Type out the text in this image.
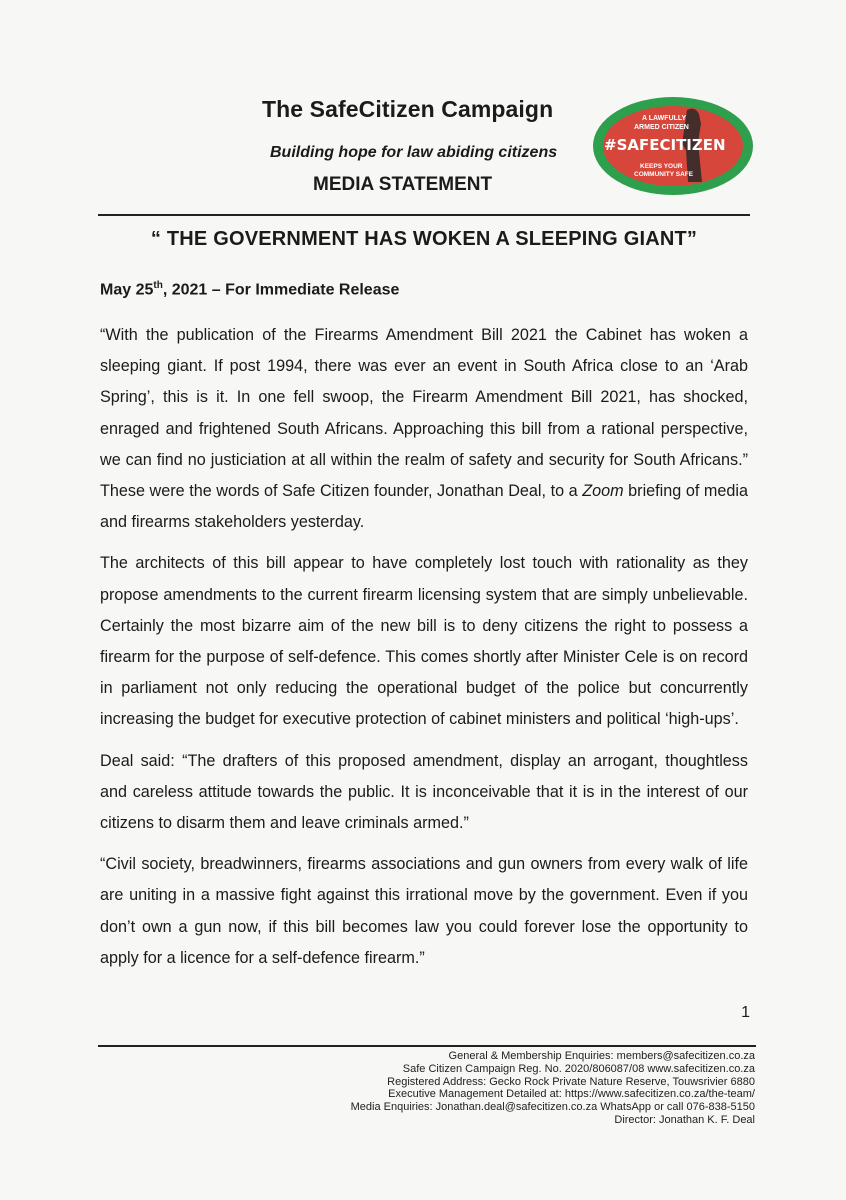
The SafeCitizen Campaign
Building hope for law abiding citizens
MEDIA STATEMENT
A LAWFULLY
ARMED CITIZEN
#SAFECITIZEN
KEEPS YOUR
COMMUNITY SAFE
“ THE GOVERNMENT HAS WOKEN A SLEEPING GIANT”
May 25th, 2021 – For Immediate Release

“With the publication of the Firearms Amendment Bill 2021 the Cabinet has woken a sleeping giant. If post 1994, there was ever an event in South Africa close to an ‘Arab Spring’, this is it. In one fell swoop, the Firearm Amendment Bill 2021, has shocked, enraged and frightened South Africans. Approaching this bill from a rational perspective, we can find no justiciation at all within the realm of safety and security for South Africans.” These were the words of Safe Citizen founder, Jonathan Deal, to a Zoom briefing of media and firearms stakeholders yesterday.

The architects of this bill appear to have completely lost touch with rationality as they propose amendments to the current firearm licensing system that are simply unbelievable. Certainly the most bizarre aim of the new bill is to deny citizens the right to possess a firearm for the purpose of self-defence. This comes shortly after Minister Cele is on record in parliament not only reducing the operational budget of the police but concurrently increasing the budget for executive protection of cabinet ministers and political ‘high-ups’.

Deal said: “The drafters of this proposed amendment, display an arrogant, thoughtless and careless attitude towards the public. It is inconceivable that it is in the interest of our citizens to disarm them and leave criminals armed.”

“Civil society, breadwinners, firearms associations and gun owners from every walk of life are uniting in a massive fight against this irrational move by the government. Even if you don’t own a gun now, if this bill becomes law you could forever lose the opportunity to apply for a licence for a self-defence firearm.”

1
General & Membership Enquiries: members@safecitizen.co.za
Safe Citizen Campaign Reg. No. 2020/806087/08 www.safecitizen.co.za
Registered Address: Gecko Rock Private Nature Reserve, Touwsrivier 6880
Executive Management Detailed at: https://www.safecitizen.co.za/the-team/
Media Enquiries: Jonathan.deal@safecitizen.co.za WhatsApp or call 076-838-5150
Director: Jonathan K. F. Deal
